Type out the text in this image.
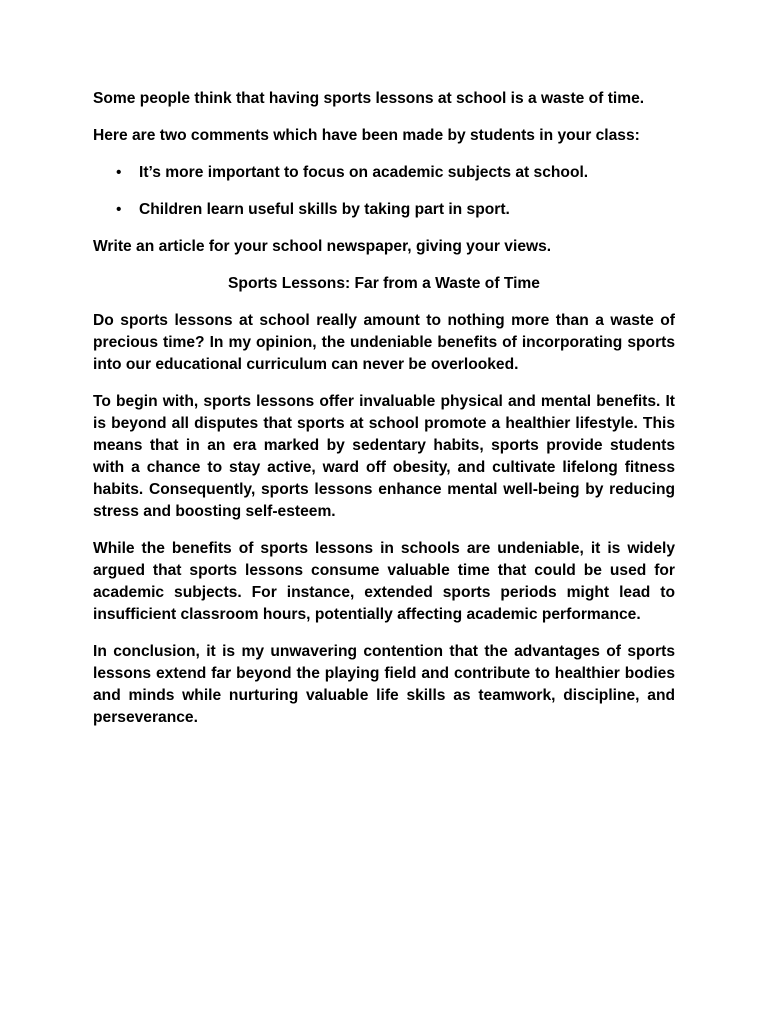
Some people think that having sports lessons at school is a waste of time.

Here are two comments which have been made by students in your class:

• It’s more important to focus on academic subjects at school.
• Children learn useful skills by taking part in sport.

Write an article for your school newspaper, giving your views.

Sports Lessons: Far from a Waste of Time

Do sports lessons at school really amount to nothing more than a waste of precious time? In my opinion, the undeniable benefits of incorporating sports into our educational curriculum can never be overlooked.

To begin with, sports lessons offer invaluable physical and mental benefits. It is beyond all disputes that sports at school promote a healthier lifestyle. This means that in an era marked by sedentary habits, sports provide students with a chance to stay active, ward off obesity, and cultivate lifelong fitness habits. Consequently, sports lessons enhance mental well-being by reducing stress and boosting self-esteem.

While the benefits of sports lessons in schools are undeniable, it is widely argued that sports lessons consume valuable time that could be used for academic subjects. For instance, extended sports periods might lead to insufficient classroom hours, potentially affecting academic performance.

In conclusion, it is my unwavering contention that the advantages of sports lessons extend far beyond the playing field and contribute to healthier bodies and minds while nurturing valuable life skills as teamwork, discipline, and perseverance.
